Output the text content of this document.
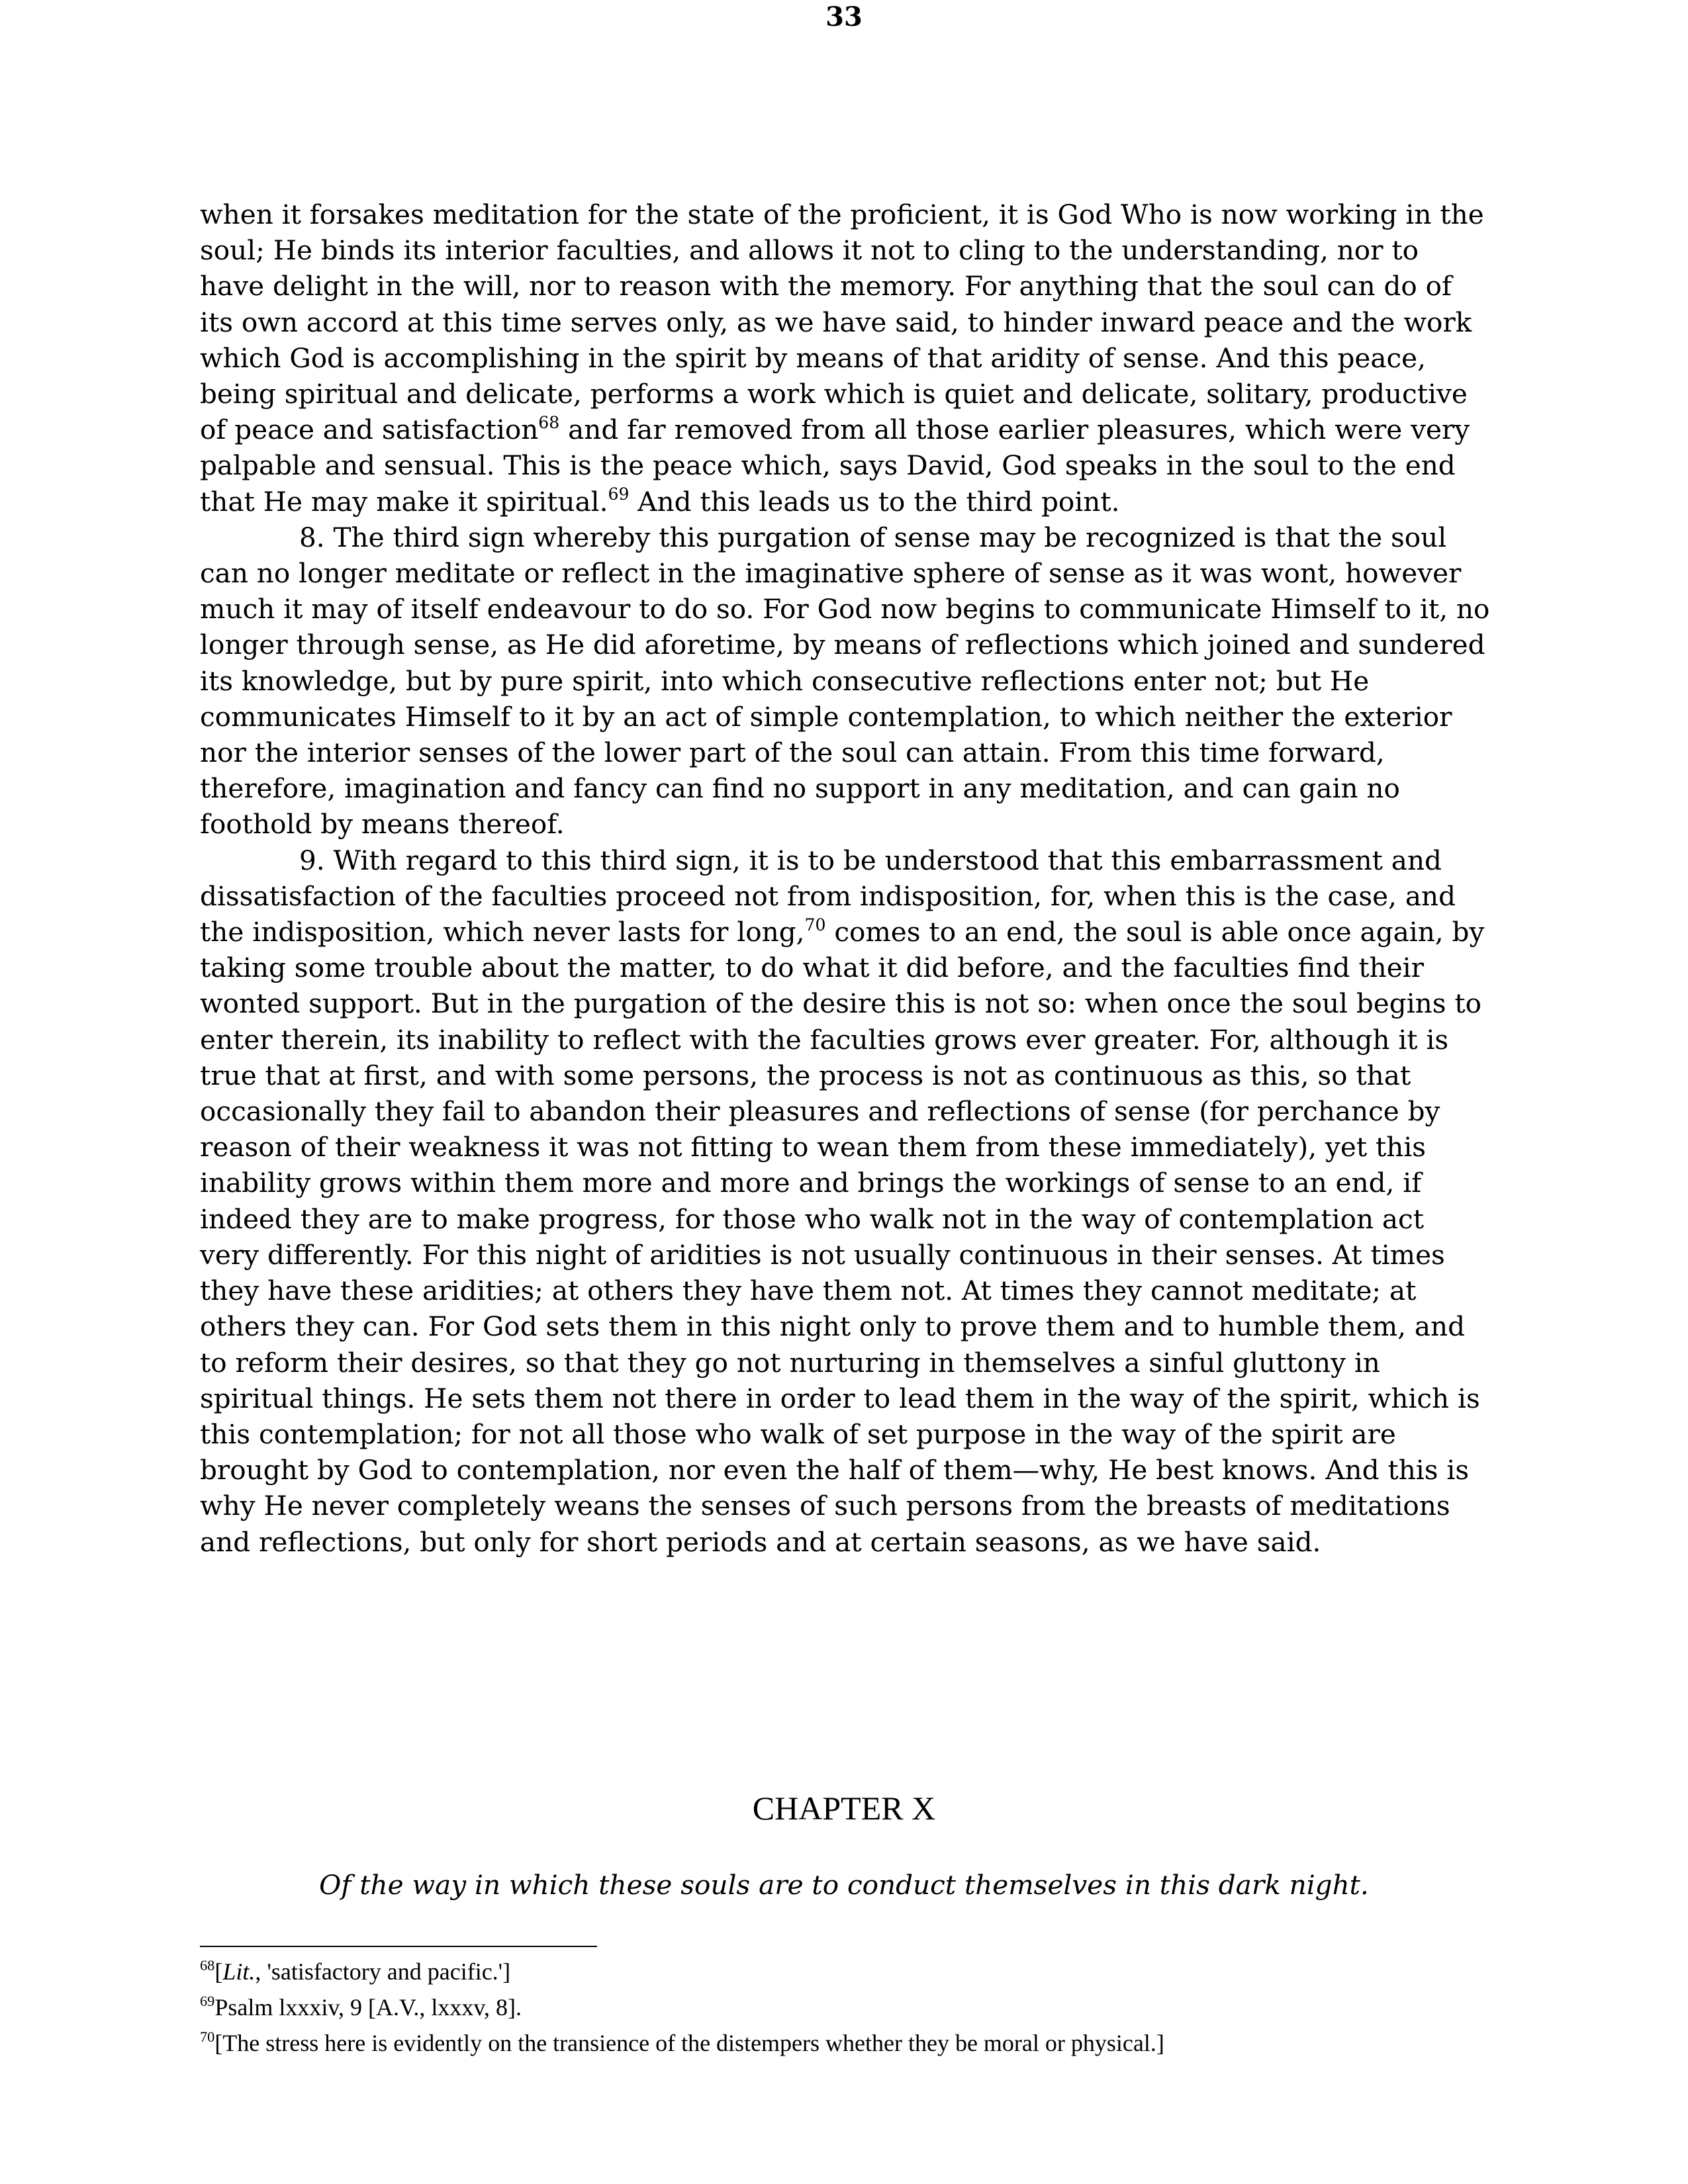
33

when it forsakes meditation for the state of the proficient, it is God Who is now working in the soul; He binds its interior faculties, and allows it not to cling to the understanding, nor to have delight in the will, nor to reason with the memory. For anything that the soul can do of its own accord at this time serves only, as we have said, to hinder inward peace and the work which God is accomplishing in the spirit by means of that aridity of sense. And this peace, being spiritual and delicate, performs a work which is quiet and delicate, solitary, productive of peace and satisfaction$^{68}$ and far removed from all those earlier pleasures, which were very palpable and sensual. This is the peace which, says David, God speaks in the soul to the end that He may make it spiritual.$^{69}$ And this leads us to the third point.

8. The third sign whereby this purgation of sense may be recognized is that the soul can no longer meditate or reflect in the imaginative sphere of sense as it was wont, however much it may of itself endeavour to do so. For God now begins to communicate Himself to it, no longer through sense, as He did aforetime, by means of reflections which joined and sundered its knowledge, but by pure spirit, into which consecutive reflections enter not; but He communicates Himself to it by an act of simple contemplation, to which neither the exterior nor the interior senses of the lower part of the soul can attain. From this time forward, therefore, imagination and fancy can find no support in any meditation, and can gain no foothold by means thereof.

9. With regard to this third sign, it is to be understood that this embarrassment and dissatisfaction of the faculties proceed not from indisposition, for, when this is the case, and the indisposition, which never lasts for long,$^{70}$ comes to an end, the soul is able once again, by taking some trouble about the matter, to do what it did before, and the faculties find their wonted support. But in the purgation of the desire this is not so: when once the soul begins to enter therein, its inability to reflect with the faculties grows ever greater. For, although it is true that at first, and with some persons, the process is not as continuous as this, so that occasionally they fail to abandon their pleasures and reflections of sense (for perchance by reason of their weakness it was not fitting to wean them from these immediately), yet this inability grows within them more and more and brings the workings of sense to an end, if indeed they are to make progress, for those who walk not in the way of contemplation act very differently. For this night of aridities is not usually continuous in their senses. At times they have these aridities; at others they have them not. At times they cannot meditate; at others they can. For God sets them in this night only to prove them and to humble them, and to reform their desires, so that they go not nurturing in themselves a sinful gluttony in spiritual things. He sets them not there in order to lead them in the way of the spirit, which is this contemplation; for not all those who walk of set purpose in the way of the spirit are brought by God to contemplation, nor even the half of them—why, He best knows. And this is why He never completely weans the senses of such persons from the breasts of meditations and reflections, but only for short periods and at certain seasons, as we have said.

CHAPTER X
Of the way in which these souls are to conduct themselves in this dark night.

$^{68}$[Lit., 'satisfactory and pacific.']

$^{69}$Psalm lxxxiv, 9 [A.V., lxxxv, 8].

$^{70}$[The stress here is evidently on the transience of the distempers whether they be moral or physical.]
